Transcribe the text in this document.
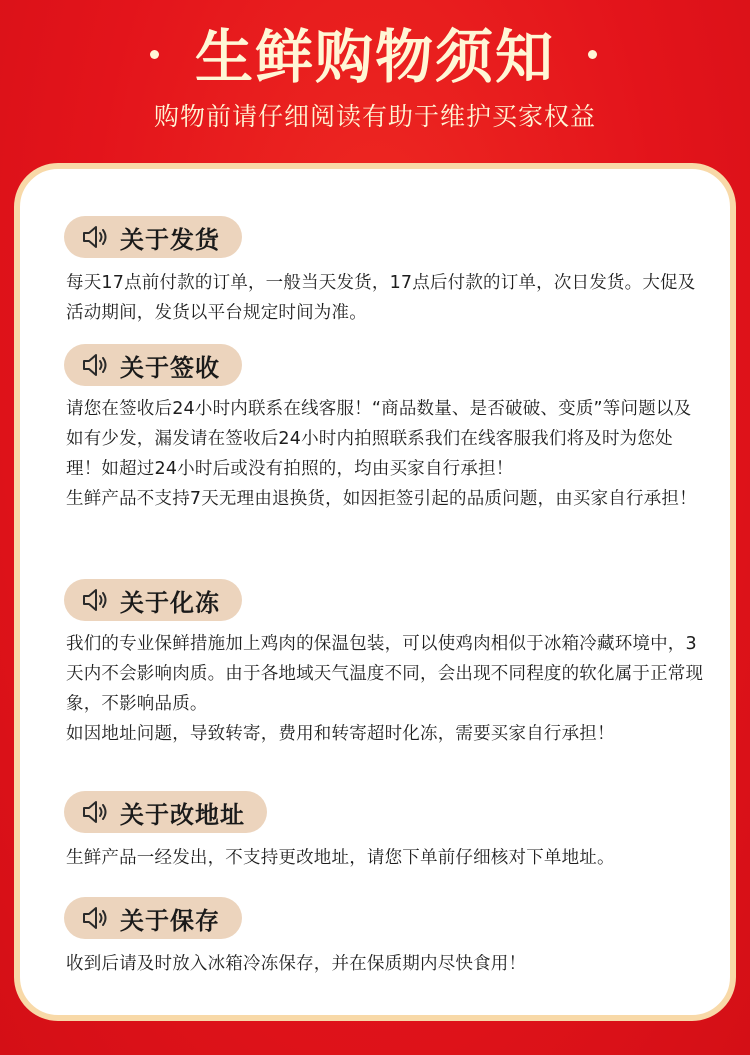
生鲜购物须知
购物前请仔细阅读有助于维护买家权益
关于发货

每天17点前付款的订单，一般当天发货，17点后付款的订单，次日发货。大促及活动期间，发货以平台规定时间为准。

关于签收

请您在签收后24小时内联系在线客服！“商品数量、是否破破、变质”等问题以及如有少发，漏发请在签收后24小时内拍照联系我们在线客服我们将及时为您处理！如超过24小时后或没有拍照的，均由买家自行承担！

生鲜产品不支持7天无理由退换货，如因拒签引起的品质问题，由买家自行承担！

关于化冻

我们的专业保鲜措施加上鸡肉的保温包装，可以使鸡肉相似于冰箱冷藏环境中，3天内不会影响肉质。由于各地域天气温度不同，会出现不同程度的软化属于正常现象，不影响品质。

如因地址问题，导致转寄，费用和转寄超时化冻，需要买家自行承担！

关于改地址

生鲜产品一经发出，不支持更改地址，请您下单前仔细核对下单地址。

关于保存

收到后请及时放入冰箱冷冻保存，并在保质期内尽快食用！
